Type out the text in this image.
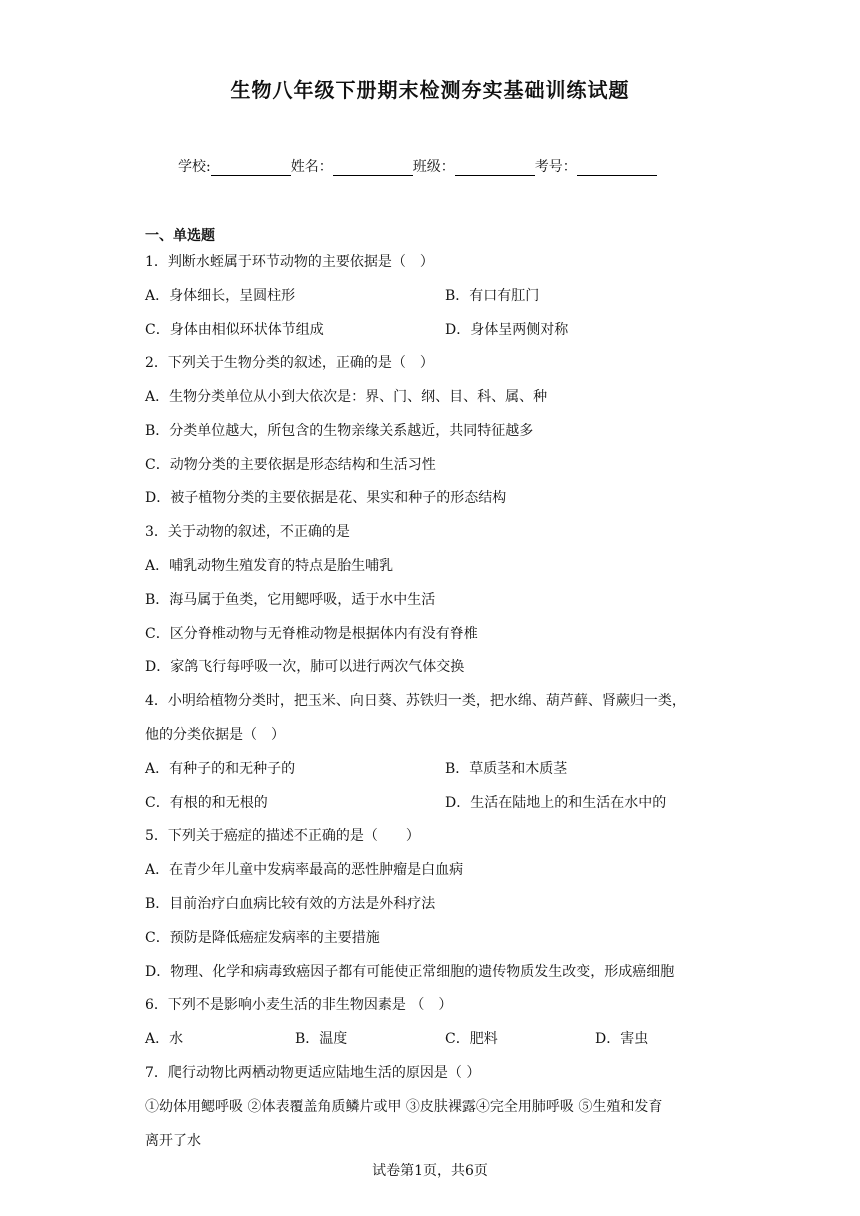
生物八年级下册期末检测夯实基础训练试题
学校:	姓名：	班级：	考号：
一、单选题
1．判断水蛭属于环节动物的主要依据是（　）
A．身体细长，呈圆柱形	B．有口有肛门
C．身体由相似环状体节组成	D．身体呈两侧对称
2．下列关于生物分类的叙述，正确的是（　）
A．生物分类单位从小到大依次是：界、门、纲、目、科、属、种
B．分类单位越大，所包含的生物亲缘关系越近，共同特征越多
C．动物分类的主要依据是形态结构和生活习性
D．被子植物分类的主要依据是花、果实和种子的形态结构
3．关于动物的叙述，不正确的是
A．哺乳动物生殖发育的特点是胎生哺乳
B．海马属于鱼类，它用鳃呼吸，适于水中生活
C．区分脊椎动物与无脊椎动物是根据体内有没有脊椎
D．家鸽飞行每呼吸一次，肺可以进行两次气体交换
4．小明给植物分类时，把玉米、向日葵、苏铁归一类，把水绵、葫芦藓、肾蕨归一类，
他的分类依据是（　）
A．有种子的和无种子的	B．草质茎和木质茎
C．有根的和无根的	D．生活在陆地上的和生活在水中的
5．下列关于癌症的描述不正确的是（　　）
A．在青少年儿童中发病率最高的恶性肿瘤是白血病
B．目前治疗白血病比较有效的方法是外科疗法
C．预防是降低癌症发病率的主要措施
D．物理、化学和病毒致癌因子都有可能使正常细胞的遗传物质发生改变，形成癌细胞
6．下列不是影响小麦生活的非生物因素是 （　）
A．水	B．温度	C．肥料	D．害虫
7．爬行动物比两栖动物更适应陆地生活的原因是（ ）
①幼体用鳃呼吸 ②体表覆盖角质鳞片或甲 ③皮肤裸露④完全用肺呼吸 ⑤生殖和发育
离开了水
试卷第1页，共6页
